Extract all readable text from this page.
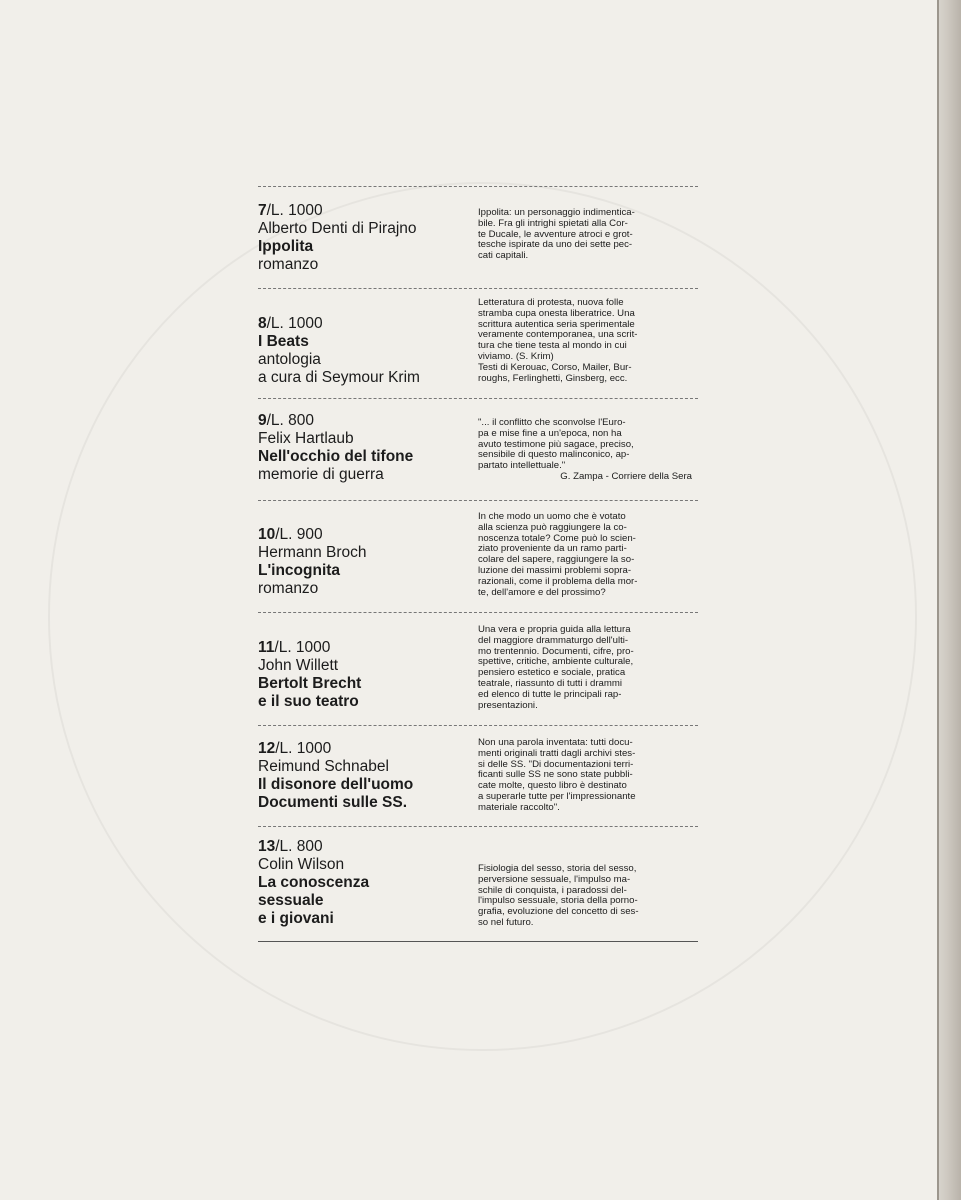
7/L. 1000
Alberto Denti di Pirajno
Ippolita
romanzo
Ippolita: un personaggio indimentica-
bile. Fra gli intrighi spietati alla Cor-
te Ducale, le avventure atroci e grot-
tesche ispirate da uno dei sette pec-
cati capitali.
8/L. 1000
I Beats
antologia
a cura di Seymour Krim
Letteratura di protesta, nuova folle
stramba cupa onesta liberatrice. Una
scrittura autentica seria sperimentale
veramente contemporanea, una scrit-
tura che tiene testa al mondo in cui
viviamo. (S. Krim)
Testi di Kerouac, Corso, Mailer, Bur-
roughs, Ferlinghetti, Ginsberg, ecc.
9/L. 800
Felix Hartlaub
Nell'occhio del tifone
memorie di guerra
"... il conflitto che sconvolse l'Euro-
pa e mise fine a un'epoca, non ha
avuto testimone più sagace, preciso,
sensibile di questo malinconico, ap-
partato intellettuale."
G. Zampa - Corriere della Sera
10/L. 900
Hermann Broch
L'incognita
romanzo
In che modo un uomo che è votato
alla scienza può raggiungere la co-
noscenza totale? Come può lo scien-
ziato proveniente da un ramo parti-
colare del sapere, raggiungere la so-
luzione dei massimi problemi sopra-
razionali, come il problema della mor-
te, dell'amore e del prossimo?
11/L. 1000
John Willett
Bertolt Brecht
e il suo teatro
Una vera e propria guida alla lettura
del maggiore drammaturgo dell'ulti-
mo trentennio. Documenti, cifre, pro-
spettive, critiche, ambiente culturale,
pensiero estetico e sociale, pratica
teatrale, riassunto di tutti i drammi
ed elenco di tutte le principali rap-
presentazioni.
12/L. 1000
Reimund Schnabel
Il disonore dell'uomo
Documenti sulle SS.
Non una parola inventata: tutti docu-
menti originali tratti dagli archivi stes-
si delle SS. "Di documentazioni terri-
ficanti sulle SS ne sono state pubbli-
cate molte, questo libro è destinato
a superarle tutte per l'impressionante
materiale raccolto".
13/L. 800
Colin Wilson
La conoscenza
sessuale
e i giovani
Fisiologia del sesso, storia del sesso,
perversione sessuale, l'impulso ma-
schile di conquista, i paradossi del-
l'impulso sessuale, storia della porno-
grafia, evoluzione del concetto di ses-
so nel futuro.
